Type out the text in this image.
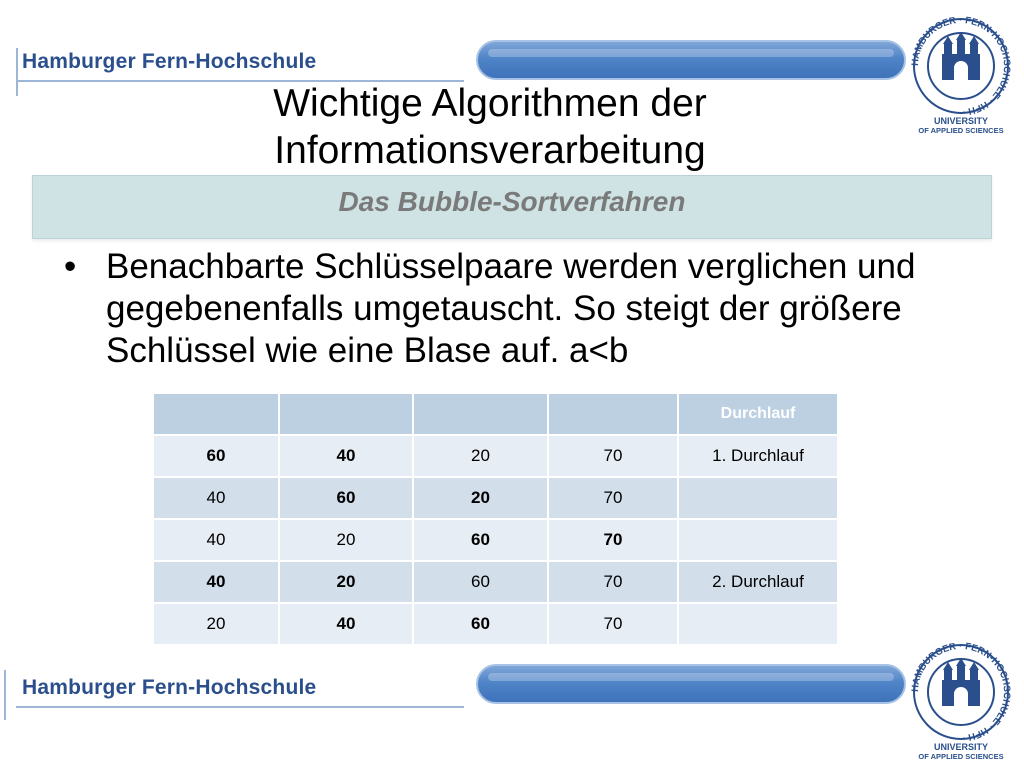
Hamburger Fern-Hochschule	HAMBURGER · FERN-HOCHSCHULE · HFH ·
UNIVERSITY
OF APPLIED SCIENCES
Wichtige Algorithmen der Informationsverarbeitung
Das Bubble-Sortverfahren
• Benachbarte Schlüsselpaare werden verglichen und gegebenenfalls umgetauscht. So steigt der größere Schlüssel wie eine Blase auf. a<b
				Durchlauf
60	40	20	70	1. Durchlauf
40	60	20	70	
40	20	60	70	
40	20	60	70	2. Durchlauf
20	40	60	70	
Hamburger Fern-Hochschule	HAMBURGER · FERN-HOCHSCHULE · HFH ·
UNIVERSITY
OF APPLIED SCIENCES
